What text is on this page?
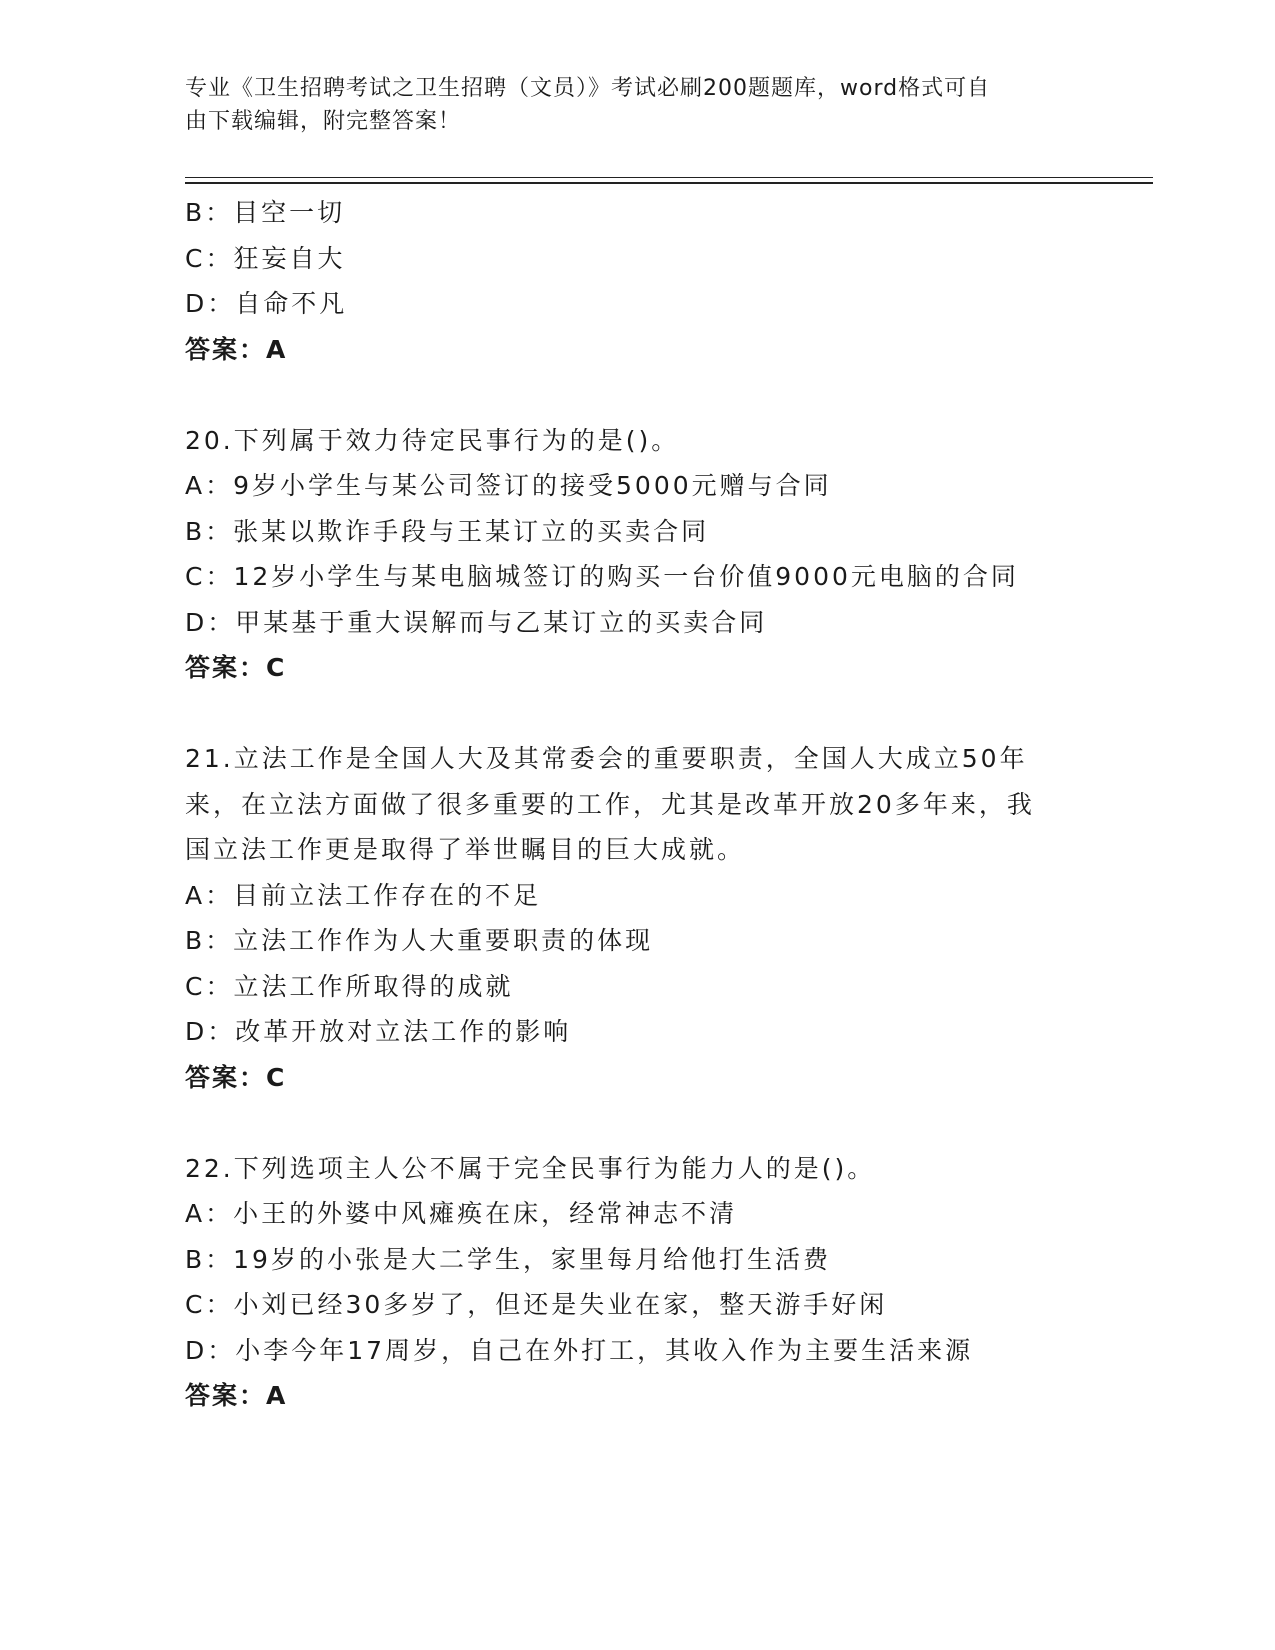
专业《卫生招聘考试之卫生招聘（文员）》考试必刷200题题库，word格式可自
由下载编辑，附完整答案！
B：目空一切
C：狂妄自大
D：自命不凡
答案：A
20.下列属于效力待定民事行为的是()。
A：9岁小学生与某公司签订的接受5000元赠与合同
B：张某以欺诈手段与王某订立的买卖合同
C：12岁小学生与某电脑城签订的购买一台价值9000元电脑的合同
D：甲某基于重大误解而与乙某订立的买卖合同
答案：C
21.立法工作是全国人大及其常委会的重要职责，全国人大成立50年
来，在立法方面做了很多重要的工作，尤其是改革开放20多年来，我
国立法工作更是取得了举世瞩目的巨大成就。
A：目前立法工作存在的不足
B：立法工作作为人大重要职责的体现
C：立法工作所取得的成就
D：改革开放对立法工作的影响
答案：C
22.下列选项主人公不属于完全民事行为能力人的是()。
A：小王的外婆中风瘫痪在床，经常神志不清
B：19岁的小张是大二学生，家里每月给他打生活费
C：小刘已经30多岁了，但还是失业在家，整天游手好闲
D：小李今年17周岁，自己在外打工，其收入作为主要生活来源
答案：A
